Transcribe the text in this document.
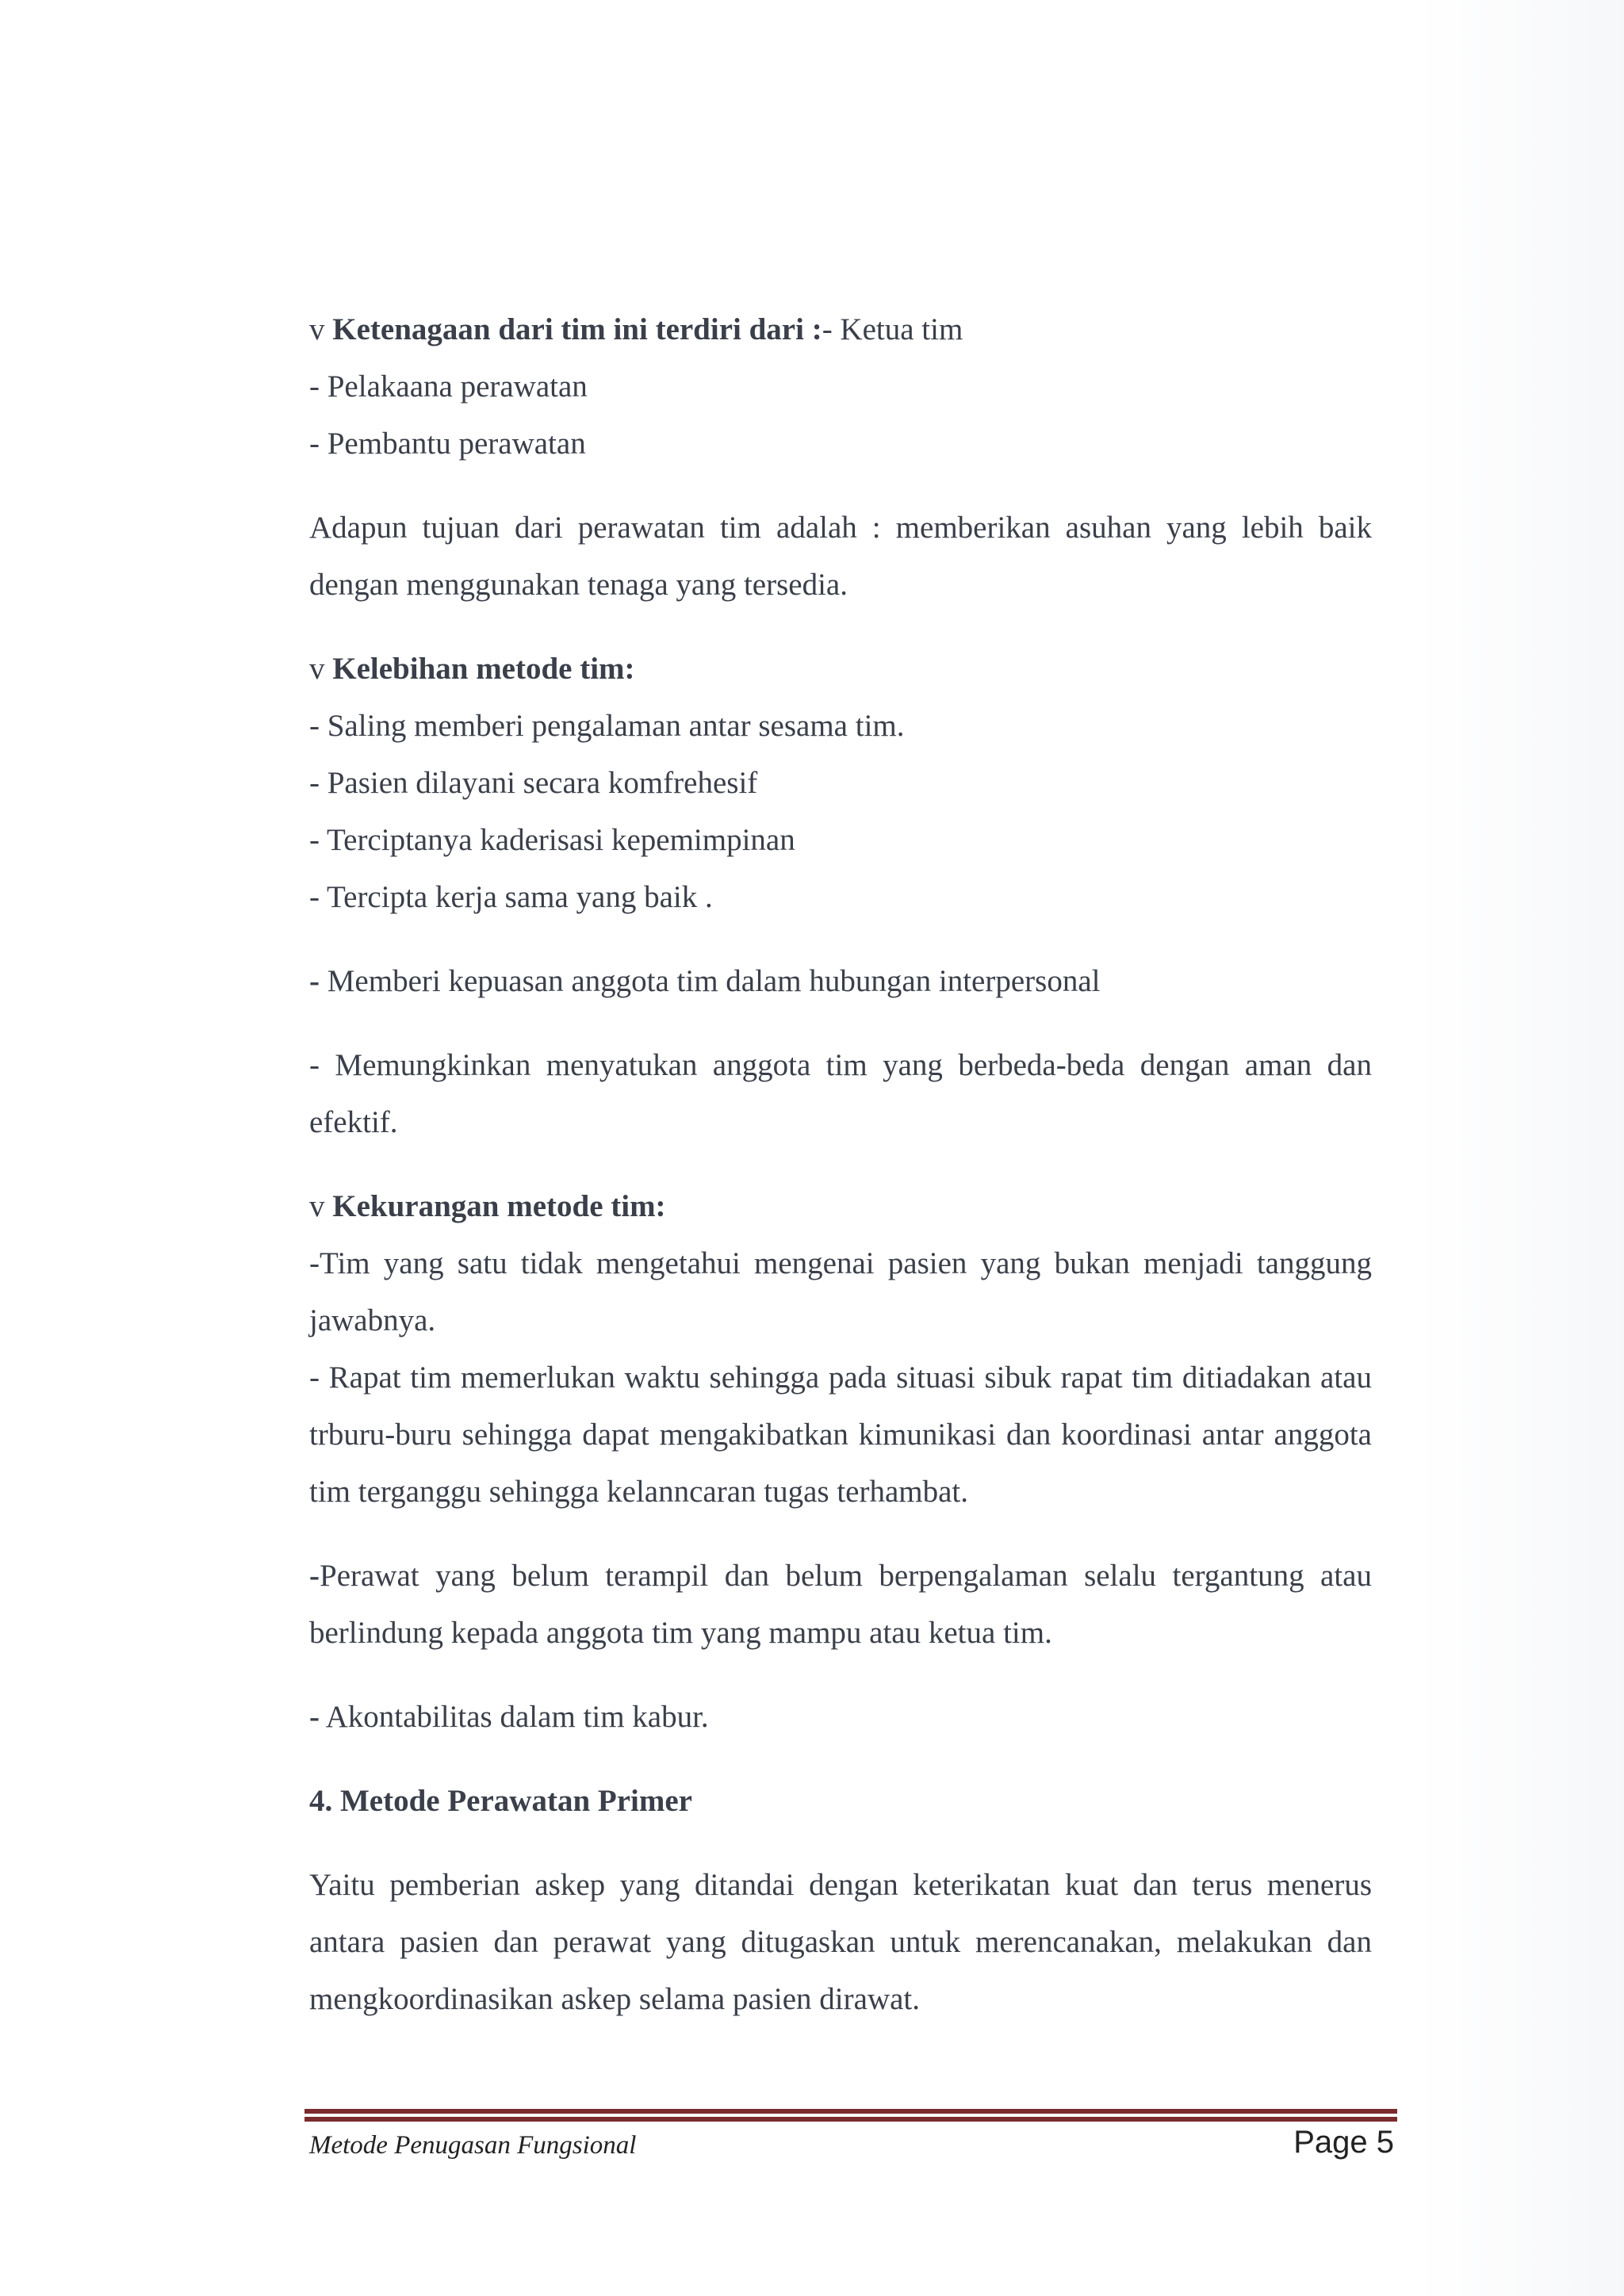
v Ketenagaan dari tim ini terdiri dari :- Ketua tim

- Pelakaana perawatan

- Pembantu perawatan

Adapun tujuan dari perawatan tim adalah : memberikan asuhan yang lebih baik dengan menggunakan tenaga yang tersedia.

v Kelebihan metode tim:

- Saling memberi pengalaman antar sesama tim.

- Pasien dilayani secara komfrehesif

- Terciptanya kaderisasi kepemimpinan

- Tercipta kerja sama yang baik .

- Memberi kepuasan anggota tim dalam hubungan interpersonal

- Memungkinkan menyatukan anggota tim yang berbeda-beda dengan aman dan efektif.

v Kekurangan metode tim:

-Tim yang satu tidak mengetahui mengenai pasien yang bukan menjadi tanggung jawabnya.

- Rapat tim memerlukan waktu sehingga pada situasi sibuk rapat tim ditiadakan atau trburu-buru sehingga dapat mengakibatkan kimunikasi dan koordinasi antar anggota tim terganggu sehingga kelanncaran tugas terhambat.

-Perawat yang belum terampil dan belum berpengalaman selalu tergantung atau berlindung kepada anggota tim yang mampu atau ketua tim.

- Akontabilitas dalam tim kabur.

4. Metode Perawatan Primer

Yaitu pemberian askep yang ditandai dengan keterikatan kuat dan terus menerus antara pasien dan perawat yang ditugaskan untuk merencanakan, melakukan dan mengkoordinasikan askep selama pasien dirawat.

Metode Penugasan Fungsional	Page 5
